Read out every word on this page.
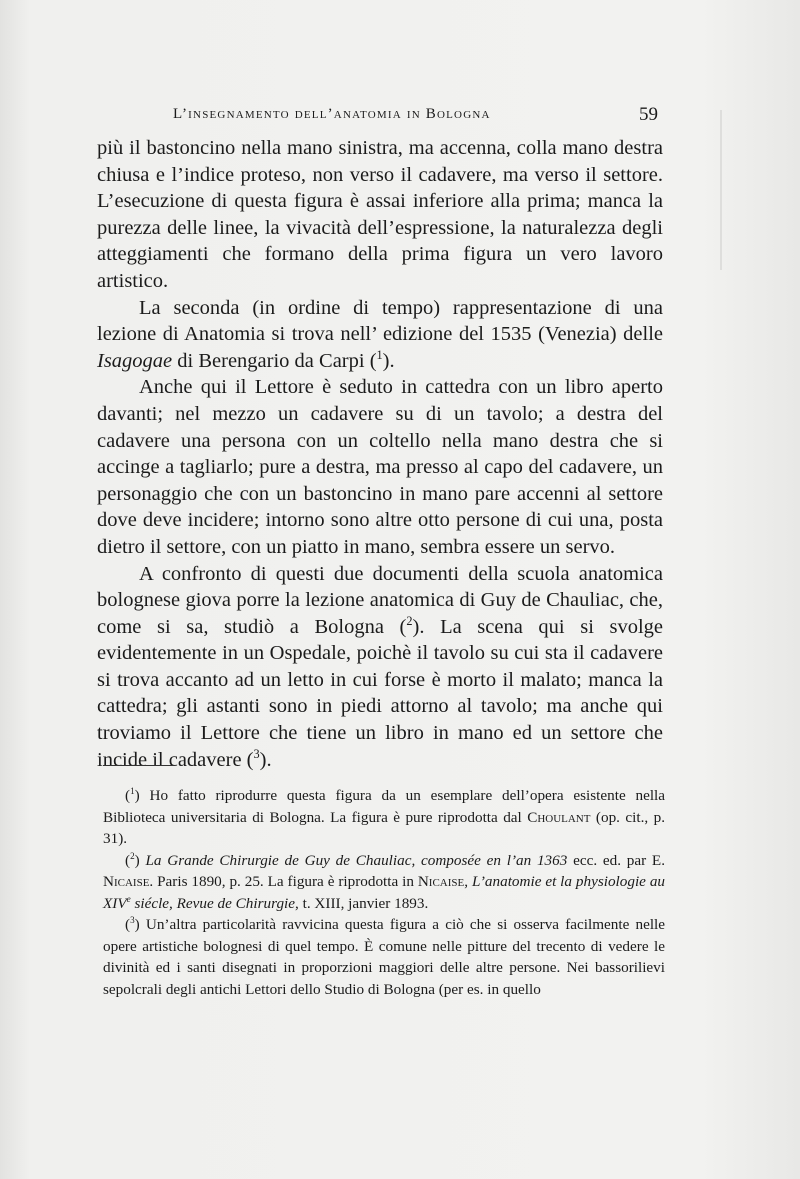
L’insegnamento dell’anatomia in Bologna	59

più il bastoncino nella mano sinistra, ma accenna, colla mano destra chiusa e l’indice proteso, non verso il cadavere, ma verso il settore. L’esecuzione di questa figura è assai inferiore alla prima; manca la purezza delle linee, la vivacità dell’espressione, la naturalezza degli atteggiamenti che formano della prima figura un vero lavoro artistico.

La seconda (in ordine di tempo) rappresentazione di una lezione di Anatomia si trova nell’ edizione del 1535 (Venezia) delle Isagogae di Berengario da Carpi ($^1$).

Anche qui il Lettore è seduto in cattedra con un libro aperto davanti; nel mezzo un cadavere su di un tavolo; a destra del cadavere una persona con un coltello nella mano destra che si accinge a tagliarlo; pure a destra, ma presso al capo del cadavere, un personaggio che con un bastoncino in mano pare accenni al settore dove deve incidere; intorno sono altre otto persone di cui una, posta dietro il settore, con un piatto in mano, sembra essere un servo.

A confronto di questi due documenti della scuola anatomica bolognese giova porre la lezione anatomica di Guy de Chauliac, che, come si sa, studiò a Bologna ($^2$). La scena qui si svolge evidentemente in un Ospedale, poichè il tavolo su cui sta il cadavere si trova accanto ad un letto in cui forse è morto il malato; manca la cattedra; gli astanti sono in piedi attorno al tavolo; ma anche qui troviamo il Lettore che tiene un libro in mano ed un settore che incide il cadavere ($^3$).

($^1$) Ho fatto riprodurre questa figura da un esemplare dell’opera esistente nella Biblioteca universitaria di Bologna. La figura è pure riprodotta dal Choulant (op. cit., p. 31).

($^2$) La Grande Chirurgie de Guy de Chauliac, composée en l’an 1363 ecc. ed. par E. Nicaise. Paris 1890, p. 25. La figura è riprodotta in Nicaise, L’anatomie et la physiologie au XIVe siécle, Revue de Chirurgie, t. XIII, janvier 1893.

($^3$) Un’altra particolarità ravvicina questa figura a ciò che si osserva facilmente nelle opere artistiche bolognesi di quel tempo. È comune nelle pitture del trecento di vedere le divinità ed i santi disegnati in proporzioni maggiori delle altre persone. Nei bassorilievi sepolcrali degli antichi Lettori dello Studio di Bologna (per es. in quello
